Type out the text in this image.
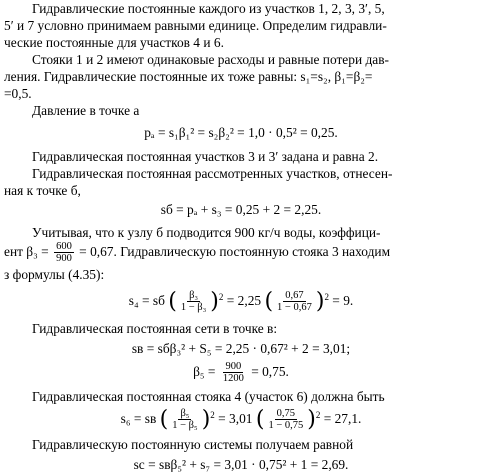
Гидравлические постоянные каждого из участков 1, 2, 3, 3′, 5,
5′ и 7 условно принимаем равными единице. Определим гидравли-
ческие постоянные для участков 4 и 6.
Стояки 1 и 2 имеют одинаковые расходы и равные потери дав-
ления. Гидравлические постоянные их тоже равны: s₁=s₂, β₁=β₂=
=0,5.
Давление в точке а
pₐ = s₁β₁² = s₂β₂² = 1,0 · 0,5² = 0,25.
Гидравлическая постоянная участков 3 и 3′ задана и равна 2.
Гидравлическая постоянная рассмотренных участков, отнесен-
ная к точке б,
sб = pₐ + s₃ = 0,25 + 2 = 2,25.
Учитывая, что к узлу б подводится 900 кг/ч воды, коэффици-
ент $\beta_3 = \frac{600}{900} = 0,67$. Гидравлическую постоянную стояка 3 находим
з формулы (4.35):
s₄ = sб ( $\frac{\text{β₃}}{\text{1 − β₃}} )^2 = 2,25$ ( $\frac{0,67}{1 - 0,67} )^2 = 9$.
Гидравлическая постоянная сети в точке в:
sв = sбβ₃² + S₅ = 2,25 · 0,67² + 2 = 3,01;
$\beta_5 = \frac{900}{1200} = 0,75$.
Гидравлическая постоянная стояка 4 (участок 6) должна быть
s₆ = sв ( $\frac{\text{β₅}}{\text{1 − β₅}} )^2 = 3,01$ ( $\frac{0,75}{1 - 0,75} )^2 = 27,1$.
Гидравлическую постоянную системы получаем равной
sс = sвβ₅² + s₇ = 3,01 · 0,75² + 1 = 2,69.
